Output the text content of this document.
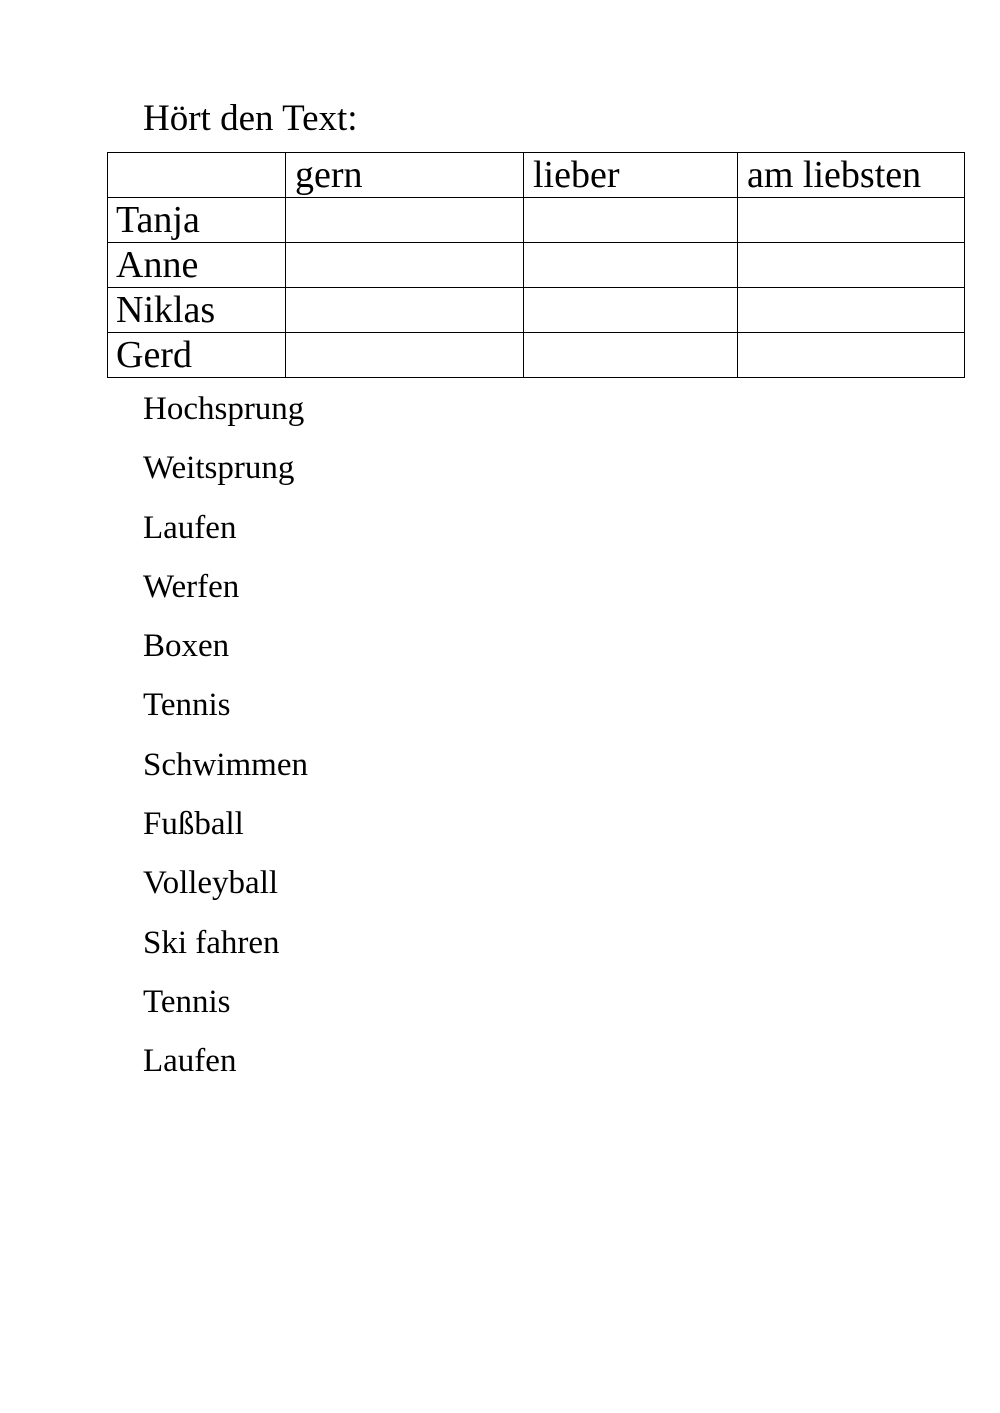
Hört den Text:

	gern	lieber	am liebsten
Tanja			
Anne			
Niklas			
Gerd			
Hochsprung
Weitsprung
Laufen
Werfen
Boxen
Tennis
Schwimmen
Fußball
Volleyball
Ski fahren
Tennis
Laufen
